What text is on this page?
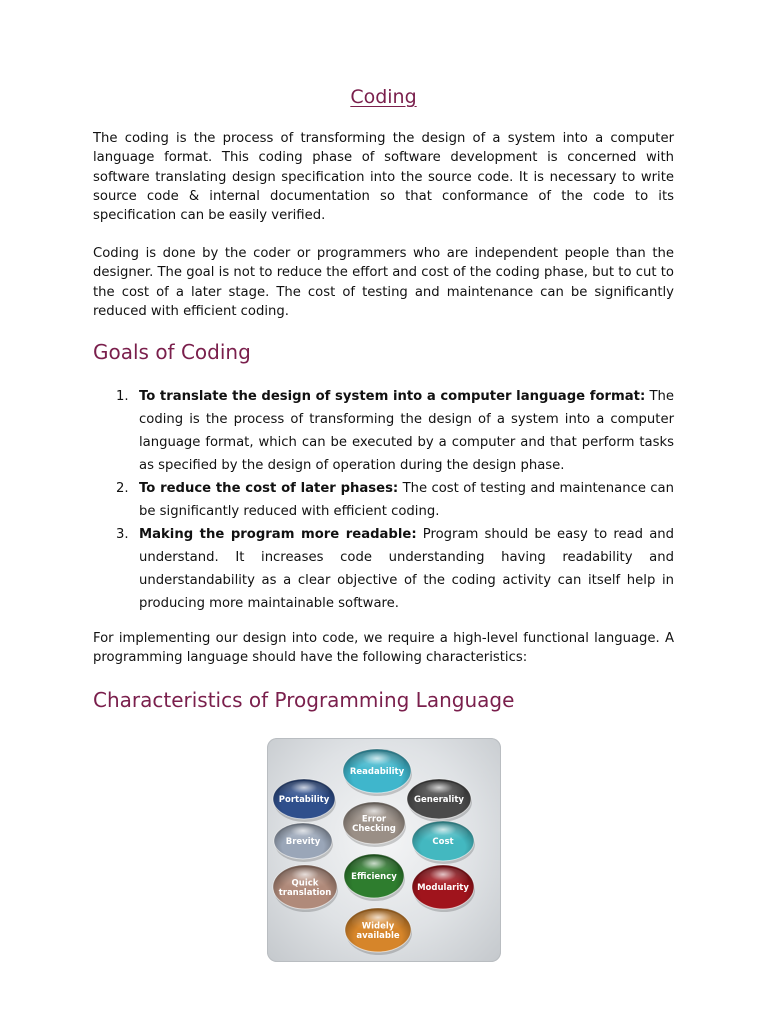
Coding

The coding is the process of transforming the design of a system into a computer language format. This coding phase of software development is concerned with software translating design specification into the source code. It is necessary to write source code & internal documentation so that conformance of the code to its specification can be easily verified.

Coding is done by the coder or programmers who are independent people than the designer. The goal is not to reduce the effort and cost of the coding phase, but to cut to the cost of a later stage. The cost of testing and maintenance can be significantly reduced with efficient coding.

Goals of Coding
1. To translate the design of system into a computer language format: The coding is the process of transforming the design of a system into a computer language format, which can be executed by a computer and that perform tasks as specified by the design of operation during the design phase.
2. To reduce the cost of later phases: The cost of testing and maintenance can be significantly reduced with efficient coding.
3. Making the program more readable: Program should be easy to read and understand. It increases code understanding having readability and understandability as a clear objective of the coding activity can itself help in producing more maintainable software.

For implementing our design into code, we require a high-level functional language. A programming language should have the following characteristics:

Characteristics of Programming Language
Readability
Portability	Generality
Error
Checking
Brevity	Cost
Quick
translation
Efficiency
Modularity
Widely
available
